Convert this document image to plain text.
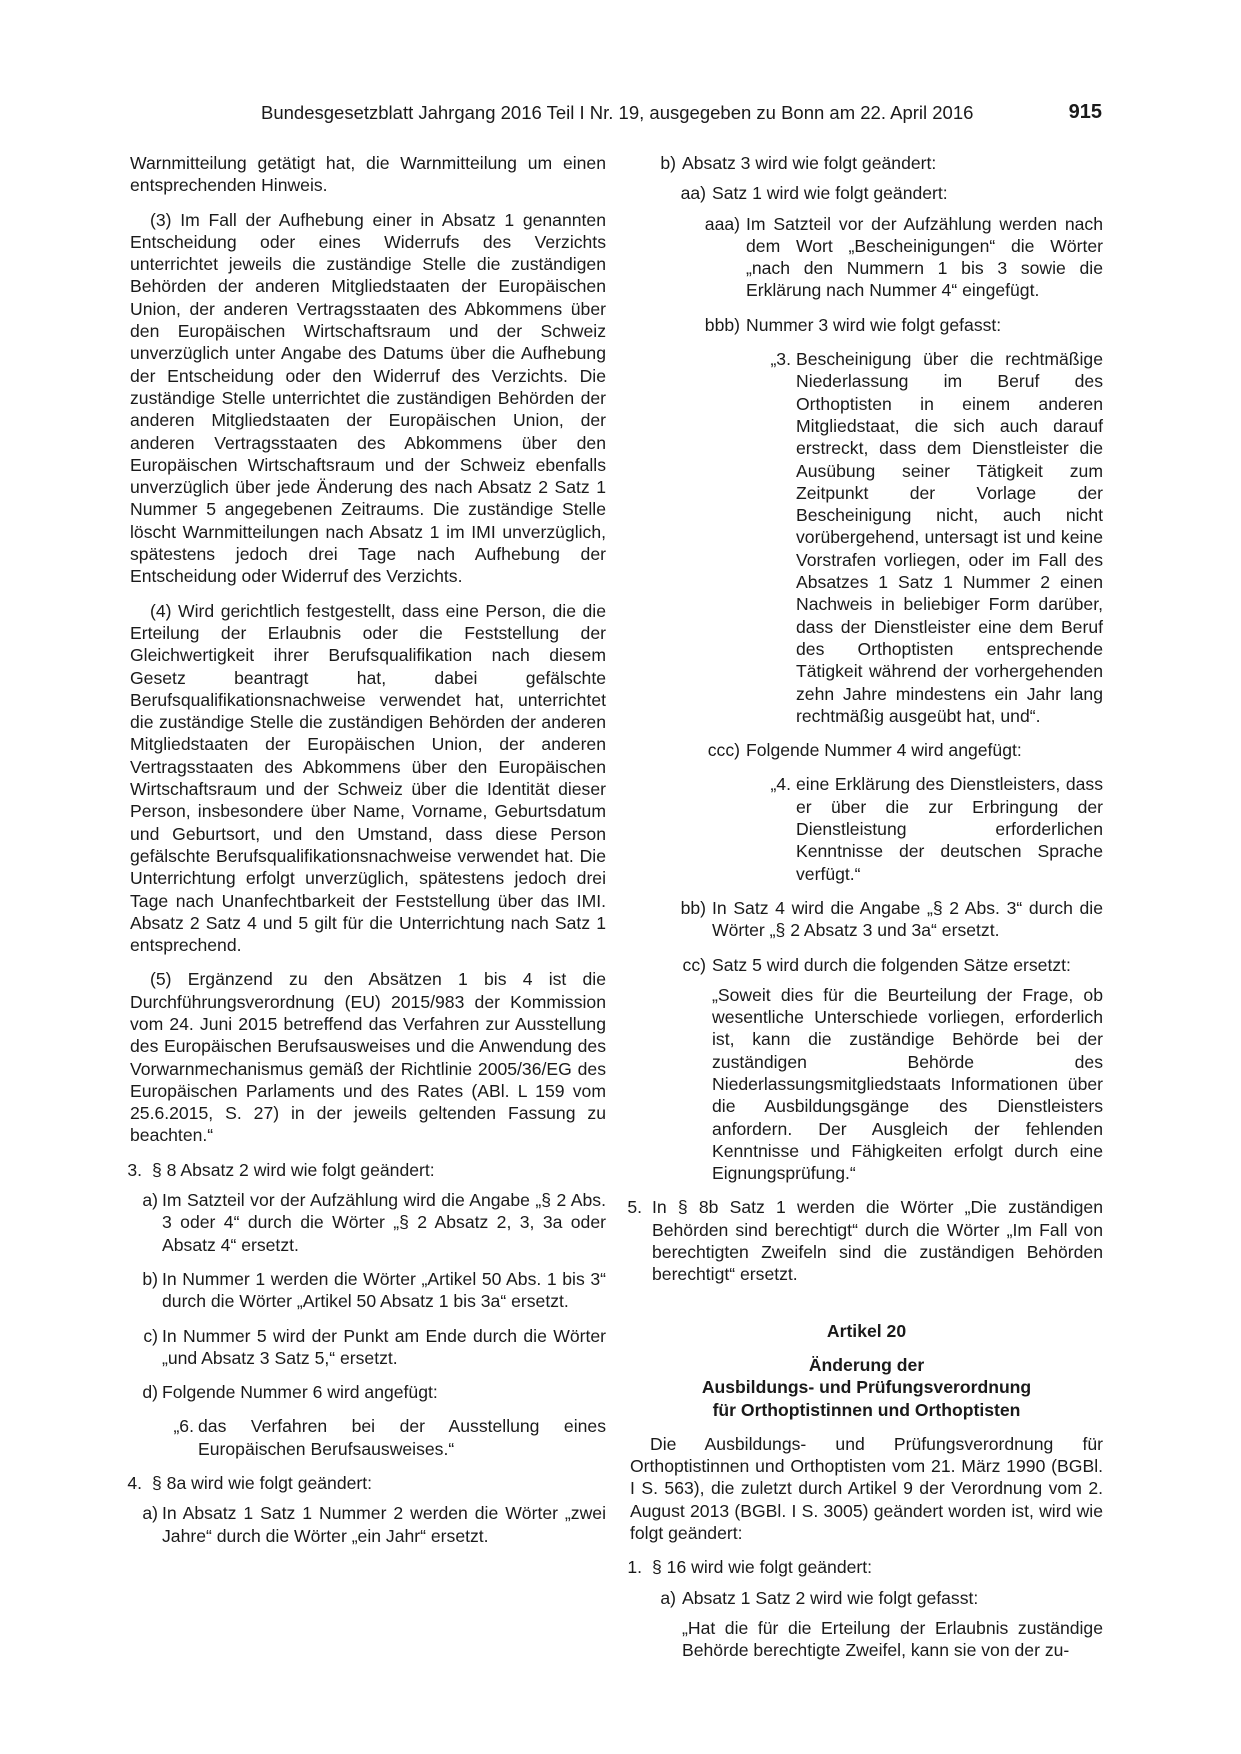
Bundesgesetzblatt Jahrgang 2016 Teil I Nr. 19, ausgegeben zu Bonn am 22. April 2016	915

Warnmitteilung getätigt hat, die Warnmitteilung um einen entsprechenden Hinweis.

(3) Im Fall der Aufhebung einer in Absatz 1 genannten Entscheidung oder eines Widerrufs des Verzichts unterrichtet jeweils die zuständige Stelle die zuständigen Behörden der anderen Mitgliedstaaten der Europäischen Union, der anderen Vertragsstaaten des Abkommens über den Europäischen Wirtschaftsraum und der Schweiz unverzüglich unter Angabe des Datums über die Aufhebung der Entscheidung oder den Widerruf des Verzichts. Die zuständige Stelle unterrichtet die zuständigen Behörden der anderen Mitgliedstaaten der Europäischen Union, der anderen Vertragsstaaten des Abkommens über den Europäischen Wirtschaftsraum und der Schweiz ebenfalls unverzüglich über jede Änderung des nach Absatz 2 Satz 1 Nummer 5 angegebenen Zeitraums. Die zuständige Stelle löscht Warnmitteilungen nach Absatz 1 im IMI unverzüglich, spätestens jedoch drei Tage nach Aufhebung der Entscheidung oder Widerruf des Verzichts.

(4) Wird gerichtlich festgestellt, dass eine Person, die die Erteilung der Erlaubnis oder die Feststellung der Gleichwertigkeit ihrer Berufsqualifikation nach diesem Gesetz beantragt hat, dabei gefälschte Berufsqualifikationsnachweise verwendet hat, unterrichtet die zuständige Stelle die zuständigen Behörden der anderen Mitgliedstaaten der Europäischen Union, der anderen Vertragsstaaten des Abkommens über den Europäischen Wirtschaftsraum und der Schweiz über die Identität dieser Person, insbesondere über Name, Vorname, Geburtsdatum und Geburtsort, und den Umstand, dass diese Person gefälschte Berufsqualifikationsnachweise verwendet hat. Die Unterrichtung erfolgt unverzüglich, spätestens jedoch drei Tage nach Unanfechtbarkeit der Feststellung über das IMI. Absatz 2 Satz 4 und 5 gilt für die Unterrichtung nach Satz 1 entsprechend.

(5) Ergänzend zu den Absätzen 1 bis 4 ist die Durchführungsverordnung (EU) 2015/983 der Kommission vom 24. Juni 2015 betreffend das Verfahren zur Ausstellung des Europäischen Berufsausweises und die Anwendung des Vorwarnmechanismus gemäß der Richtlinie 2005/36/EG des Europäischen Parlaments und des Rates (ABl. L 159 vom 25.6.2015, S. 27) in der jeweils geltenden Fassung zu beachten.“

3. § 8 Absatz 2 wird wie folgt geändert:

a) Im Satzteil vor der Aufzählung wird die Angabe „§ 2 Abs. 3 oder 4“ durch die Wörter „§ 2 Absatz 2, 3, 3a oder Absatz 4“ ersetzt.

b) In Nummer 1 werden die Wörter „Artikel 50 Abs. 1 bis 3“ durch die Wörter „Artikel 50 Absatz 1 bis 3a“ ersetzt.

c) In Nummer 5 wird der Punkt am Ende durch die Wörter „und Absatz 3 Satz 5,“ ersetzt.

d) Folgende Nummer 6 wird angefügt:

„6. das Verfahren bei der Ausstellung eines Europäischen Berufsausweises.“

4. § 8a wird wie folgt geändert:

a) In Absatz 1 Satz 1 Nummer 2 werden die Wörter „zwei Jahre“ durch die Wörter „ein Jahr“ ersetzt.

b) Absatz 3 wird wie folgt geändert:

aa) Satz 1 wird wie folgt geändert:

aaa) Im Satzteil vor der Aufzählung werden nach dem Wort „Bescheinigungen“ die Wörter „nach den Nummern 1 bis 3 sowie die Erklärung nach Nummer 4“ eingefügt.

bbb) Nummer 3 wird wie folgt gefasst:

„3. Bescheinigung über die rechtmäßige Niederlassung im Beruf des Orthoptisten in einem anderen Mitgliedstaat, die sich auch darauf erstreckt, dass dem Dienstleister die Ausübung seiner Tätigkeit zum Zeitpunkt der Vorlage der Bescheinigung nicht, auch nicht vorübergehend, untersagt ist und keine Vorstrafen vorliegen, oder im Fall des Absatzes 1 Satz 1 Nummer 2 einen Nachweis in beliebiger Form darüber, dass der Dienstleister eine dem Beruf des Orthoptisten entsprechende Tätigkeit während der vorhergehenden zehn Jahre mindestens ein Jahr lang rechtmäßig ausgeübt hat, und“.

ccc) Folgende Nummer 4 wird angefügt:

„4. eine Erklärung des Dienstleisters, dass er über die zur Erbringung der Dienstleistung erforderlichen Kenntnisse der deutschen Sprache verfügt.“

bb) In Satz 4 wird die Angabe „§ 2 Abs. 3“ durch die Wörter „§ 2 Absatz 3 und 3a“ ersetzt.

cc) Satz 5 wird durch die folgenden Sätze ersetzt:

„Soweit dies für die Beurteilung der Frage, ob wesentliche Unterschiede vorliegen, erforderlich ist, kann die zuständige Behörde bei der zuständigen Behörde des Niederlassungsmitgliedstaats Informationen über die Ausbildungsgänge des Dienstleisters anfordern. Der Ausgleich der fehlenden Kenntnisse und Fähigkeiten erfolgt durch eine Eignungsprüfung.“

5. In § 8b Satz 1 werden die Wörter „Die zuständigen Behörden sind berechtigt“ durch die Wörter „Im Fall von berechtigten Zweifeln sind die zuständigen Behörden berechtigt“ ersetzt.

Artikel 20

Änderung der

Ausbildungs- und Prüfungsverordnung

für Orthoptistinnen und Orthoptisten

Die Ausbildungs- und Prüfungsverordnung für Orthoptistinnen und Orthoptisten vom 21. März 1990 (BGBl. I S. 563), die zuletzt durch Artikel 9 der Verordnung vom 2. August 2013 (BGBl. I S. 3005) geändert worden ist, wird wie folgt geändert:

1. § 16 wird wie folgt geändert:

a) Absatz 1 Satz 2 wird wie folgt gefasst:

„Hat die für die Erteilung der Erlaubnis zuständige Behörde berechtigte Zweifel, kann sie von der zu-
